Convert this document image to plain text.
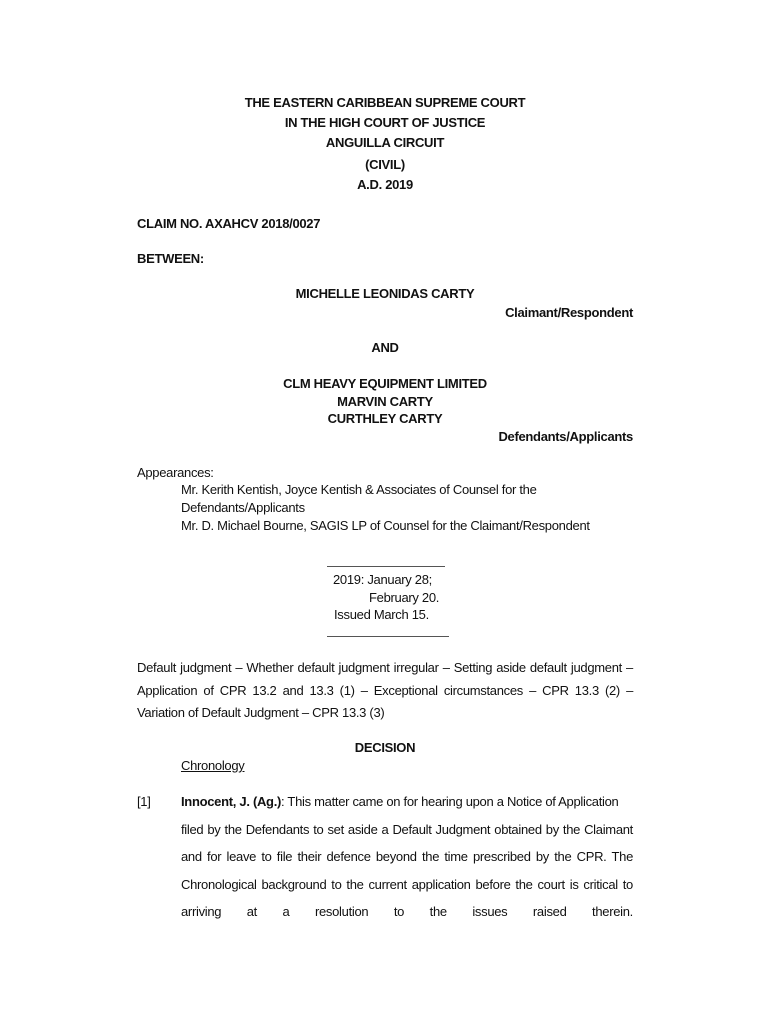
THE EASTERN CARIBBEAN SUPREME COURT
IN THE HIGH COURT OF JUSTICE
ANGUILLA CIRCUIT
(CIVIL)
A.D. 2019
CLAIM NO. AXAHCV 2018/0027
BETWEEN:
MICHELLE LEONIDAS CARTY
Claimant/Respondent
AND
CLM HEAVY EQUIPMENT LIMITED
MARVIN CARTY
CURTHLEY CARTY
Defendants/Applicants
Appearances:
Mr. Kerith Kentish, Joyce Kentish & Associates of Counsel for the
Defendants/Applicants
Mr. D. Michael Bourne, SAGIS LP of Counsel for the Claimant/Respondent
2019: January 28;
February 20.
Issued March 15.
Default judgment – Whether default judgment irregular – Setting aside default judgment –
Application of CPR 13.2 and 13.3 (1) – Exceptional circumstances – CPR 13.3 (2) –
Variation of Default Judgment – CPR 13.3 (3)
DECISION
Chronology
[1] Innocent, J. (Ag.): This matter came on for hearing upon a Notice of Application
filed by the Defendants to set aside a Default Judgment obtained by the Claimant
and for leave to file their defence beyond the time prescribed by the CPR. The
Chronological background to the current application before the court is critical to
arriving at a resolution to the issues raised therein.
